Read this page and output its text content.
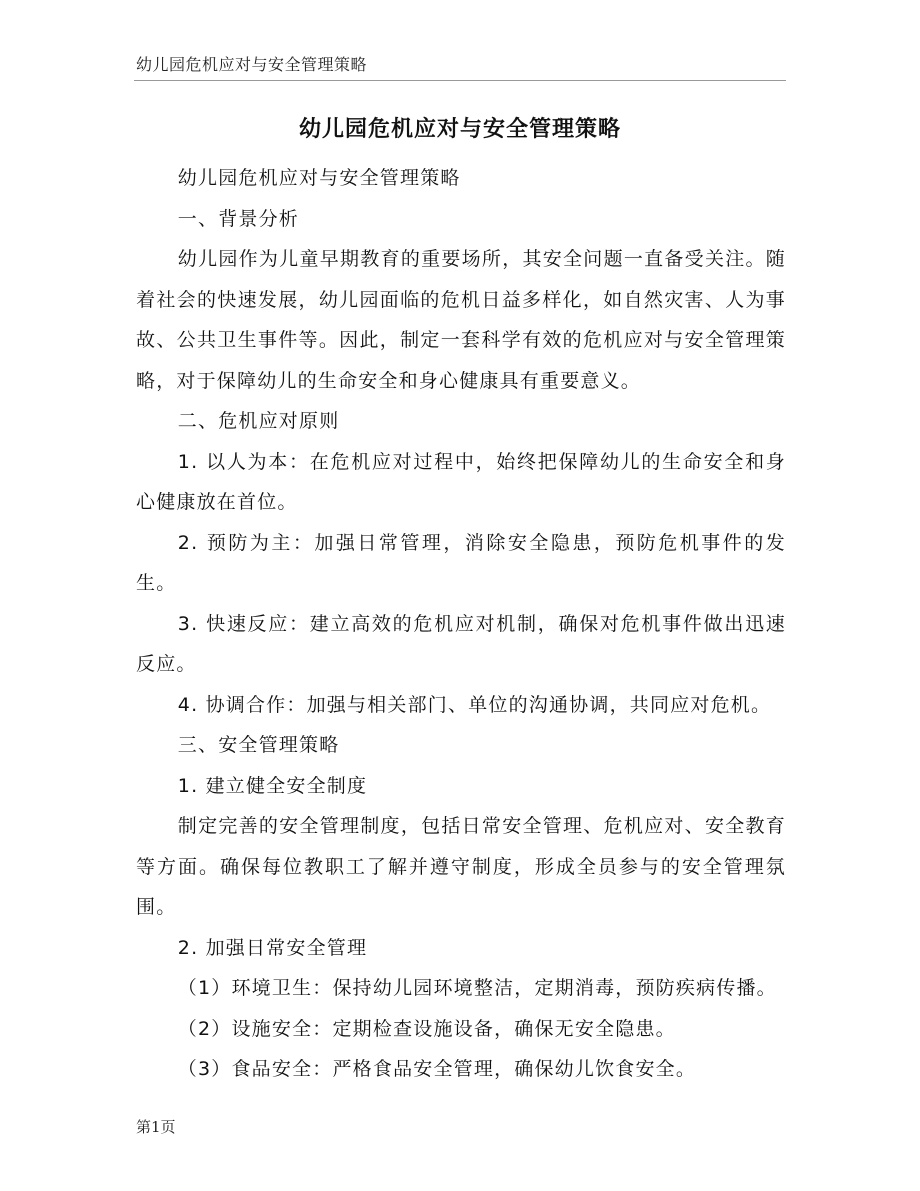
幼儿园危机应对与安全管理策略
幼儿园危机应对与安全管理策略

幼儿园危机应对与安全管理策略

一、背景分析

幼儿园作为儿童早期教育的重要场所，其安全问题一直备受关注。随着社会的快速发展，幼儿园面临的危机日益多样化，如自然灾害、人为事故、公共卫生事件等。因此，制定一套科学有效的危机应对与安全管理策略，对于保障幼儿的生命安全和身心健康具有重要意义。

二、危机应对原则

1. 以人为本：在危机应对过程中，始终把保障幼儿的生命安全和身心健康放在首位。

2. 预防为主：加强日常管理，消除安全隐患，预防危机事件的发生。

3. 快速反应：建立高效的危机应对机制，确保对危机事件做出迅速反应。

4. 协调合作：加强与相关部门、单位的沟通协调，共同应对危机。

三、安全管理策略

1. 建立健全安全制度

制定完善的安全管理制度，包括日常安全管理、危机应对、安全教育等方面。确保每位教职工了解并遵守制度，形成全员参与的安全管理氛围。

2. 加强日常安全管理

（1）环境卫生：保持幼儿园环境整洁，定期消毒，预防疾病传播。

（2）设施安全：定期检查设施设备，确保无安全隐患。

（3）食品安全：严格食品安全管理，确保幼儿饮食安全。

第1页
